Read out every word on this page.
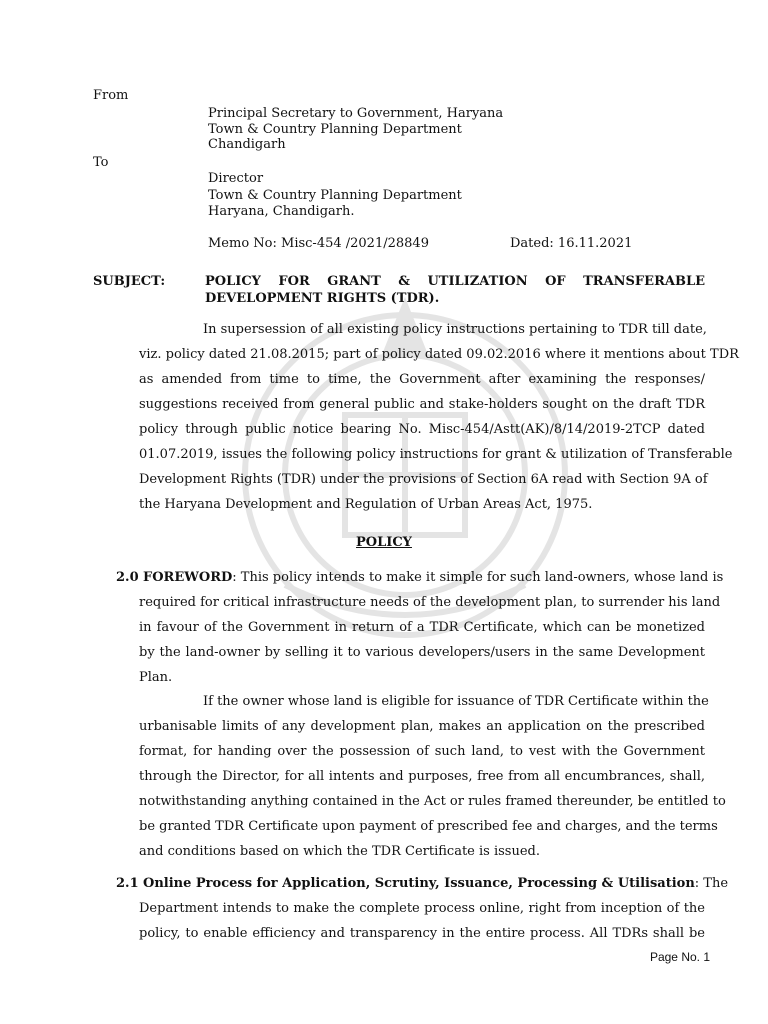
From
Principal Secretary to Government, Haryana
Town & Country Planning Department
Chandigarh
To
Director
Town & Country Planning Department
Haryana, Chandigarh.
Memo No: Misc-454 /2021/28849	Dated: 16.11.2021
SUBJECT:	POLICY FOR GRANT & UTILIZATION OF TRANSFERABLE
DEVELOPMENT RIGHTS (TDR).
In supersession of all existing policy instructions pertaining to TDR till date,
viz. policy dated 21.08.2015; part of policy dated 09.02.2016 where it mentions about TDR
as amended from time to time, the Government after examining the responses/
suggestions received from general public and stake-holders sought on the draft TDR
policy through public notice bearing No. Misc-454/Astt(AK)/8/14/2019-2TCP dated
01.07.2019, issues the following policy instructions for grant & utilization of Transferable
Development Rights (TDR) under the provisions of Section 6A read with Section 9A of
the Haryana Development and Regulation of Urban Areas Act, 1975.
POLICY
2.0 FOREWORD: This policy intends to make it simple for such land-owners, whose land is
required for critical infrastructure needs of the development plan, to surrender his land
in favour of the Government in return of a TDR Certificate, which can be monetized
by the land-owner by selling it to various developers/users in the same Development
Plan.
If the owner whose land is eligible for issuance of TDR Certificate within the
urbanisable limits of any development plan, makes an application on the prescribed
format, for handing over the possession of such land, to vest with the Government
through the Director, for all intents and purposes, free from all encumbrances, shall,
notwithstanding anything contained in the Act or rules framed thereunder, be entitled to
be granted TDR Certificate upon payment of prescribed fee and charges, and the terms
and conditions based on which the TDR Certificate is issued.
2.1 Online Process for Application, Scrutiny, Issuance, Processing & Utilisation: The
Department intends to make the complete process online, right from inception of the
policy, to enable efficiency and transparency in the entire process. All TDRs shall be
Page No. 1
